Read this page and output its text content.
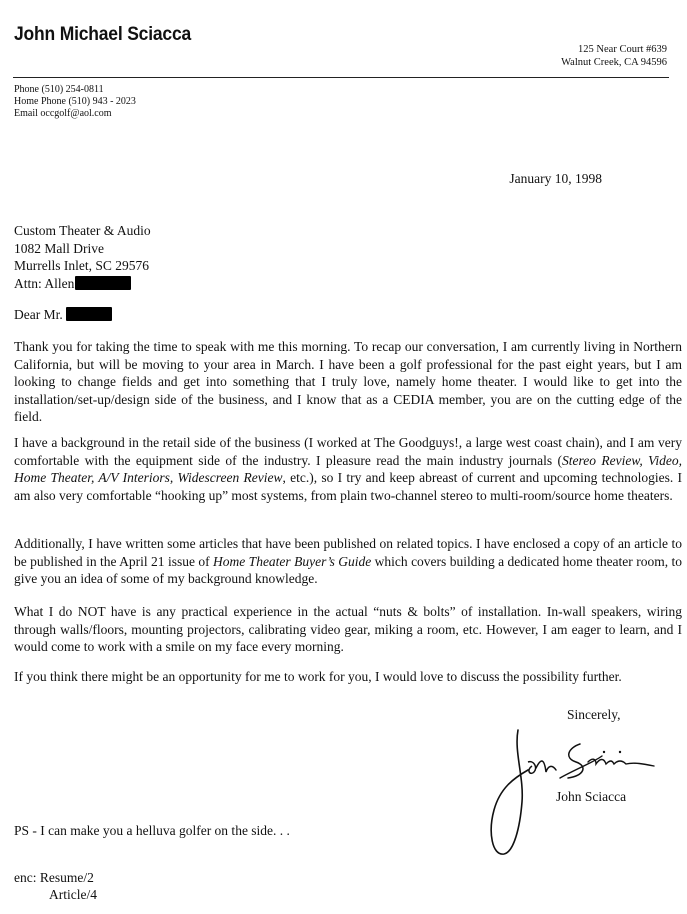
John Michael Sciacca
125 Near Court #639
Walnut Creek, CA 94596
Phone (510) 254-0811
Home Phone (510) 943 - 2023
Email occgolf@aol.com
January 10, 1998
Custom Theater & Audio
1082 Mall Drive
Murrells Inlet, SC 29576
Attn: Allen
Dear Mr.
Thank you for taking the time to speak with me this morning. To recap our conversation, I am currently living in Northern California, but will be moving to your area in March. I have been a golf professional for the past eight years, but I am looking to change fields and get into something that I truly love, namely home theater. I would like to get into the installation/set-up/design side of the business, and I know that as a CEDIA member, you are on the cutting edge of the field.
I have a background in the retail side of the business (I worked at The Goodguys!, a large west coast chain), and I am very comfortable with the equipment side of the industry. I pleasure read the main industry journals (Stereo Review, Video, Home Theater, A/V Interiors, Widescreen Review, etc.), so I try and keep abreast of current and upcoming technologies. I am also very comfortable “hooking up” most systems, from plain two-channel stereo to multi-room/source home theaters.
Additionally, I have written some articles that have been published on related topics. I have enclosed a copy of an article to be published in the April 21 issue of Home Theater Buyer’s Guide which covers building a dedicated home theater room, to give you an idea of some of my background knowledge.
What I do NOT have is any practical experience in the actual “nuts & bolts” of installation. In-wall speakers, wiring through walls/floors, mounting projectors, calibrating video gear, miking a room, etc. However, I am eager to learn, and I would come to work with a smile on my face every morning.
If you think there might be an opportunity for me to work for you, I would love to discuss the possibility further.
Sincerely,
John Sciacca
PS - I can make you a helluva golfer on the side. . .
enc: Resume/2
Article/4
